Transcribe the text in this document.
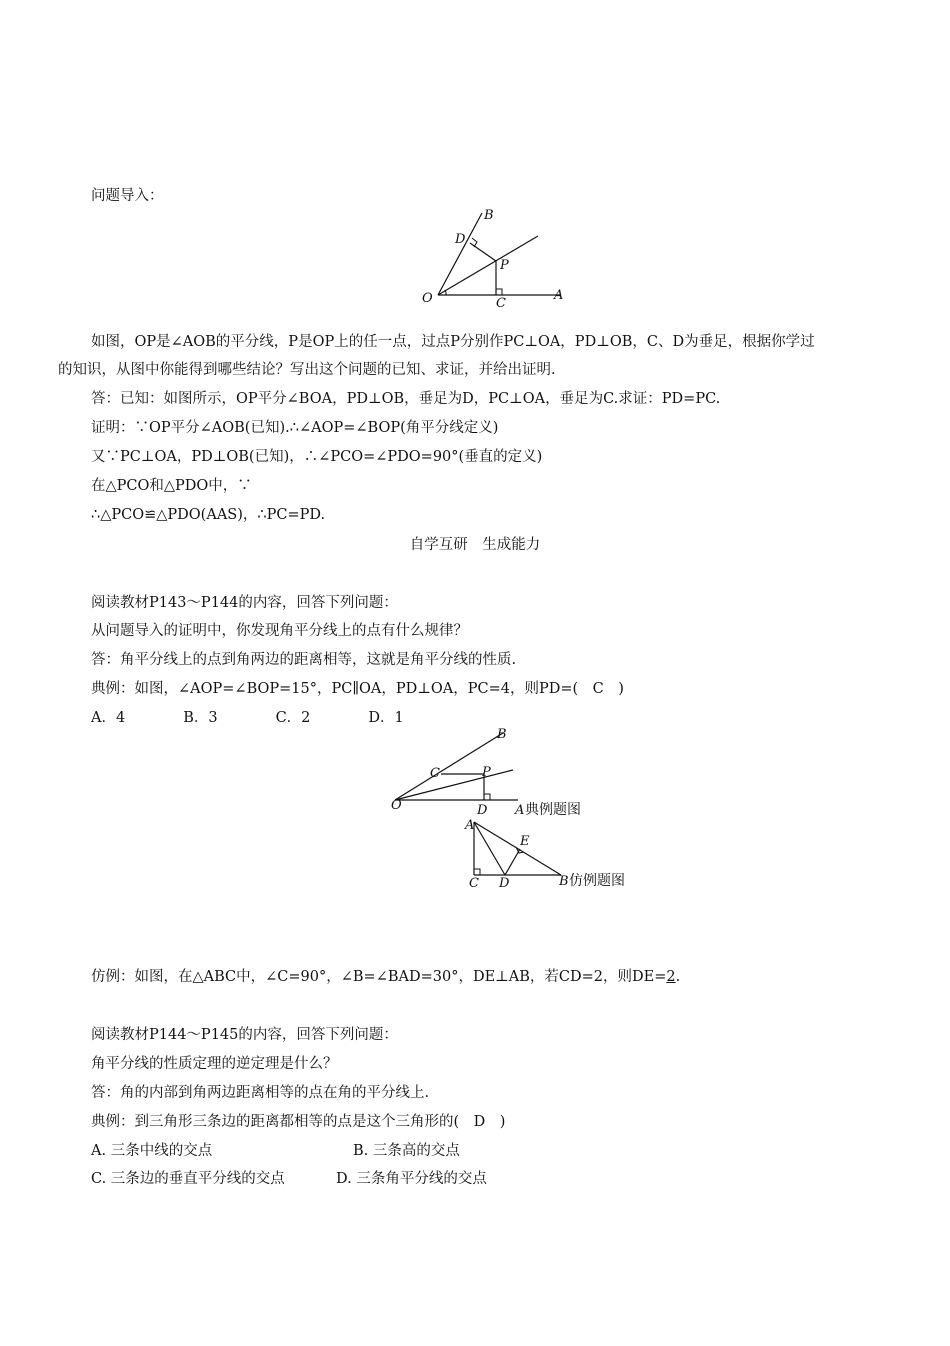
问题导入：
B
D
P
O	C
A
如图，OP是∠AOB的平分线，P是OP上的任一点，过点P分别作PC⊥OA，PD⊥OB，C、D为垂足，根据你学过
的知识，从图中你能得到哪些结论？写出这个问题的已知、求证，并给出证明.
答：已知：如图所示，OP平分∠BOA，PD⊥OB，垂足为D，PC⊥OA，垂足为C.求证：PD=PC.
证明：∵OP平分∠AOB(已知).∴∠AOP=∠BOP(角平分线定义)
又∵PC⊥OA，PD⊥OB(已知)，∴∠PCO=∠PDO=90°(垂直的定义)
在△PCO和△PDO中，∵
∴△PCO≌△PDO(AAS)，∴PC=PD.
自学互研　生成能力
阅读教材P143～P144的内容，回答下列问题：
从问题导入的证明中，你发现角平分线上的点有什么规律？
答：角平分线上的点到角两边的距离相等，这就是角平分线的性质.
典例：如图，∠AOP=∠BOP=15°，PC∥OA，PD⊥OA，PC=4，则PD=(　C　)
A．4　　　　B．3　　　　C．2　　　　D．1
B
C	P
O	D A 典例题图
A
E
C D	B 仿例题图
仿例：如图，在△ABC中，∠C=90°，∠B=∠BAD=30°，DE⊥AB，若CD=2，则DE=2.
阅读教材P144～P145的内容，回答下列问题：
角平分线的性质定理的逆定理是什么？
答：角的内部到角两边距离相等的点在角的平分线上.
典例：到三角形三条边的距离都相等的点是这个三角形的(　D　)
A. 三条中线的交点	B. 三条高的交点
C. 三条边的垂直平分线的交点	D. 三条角平分线的交点
